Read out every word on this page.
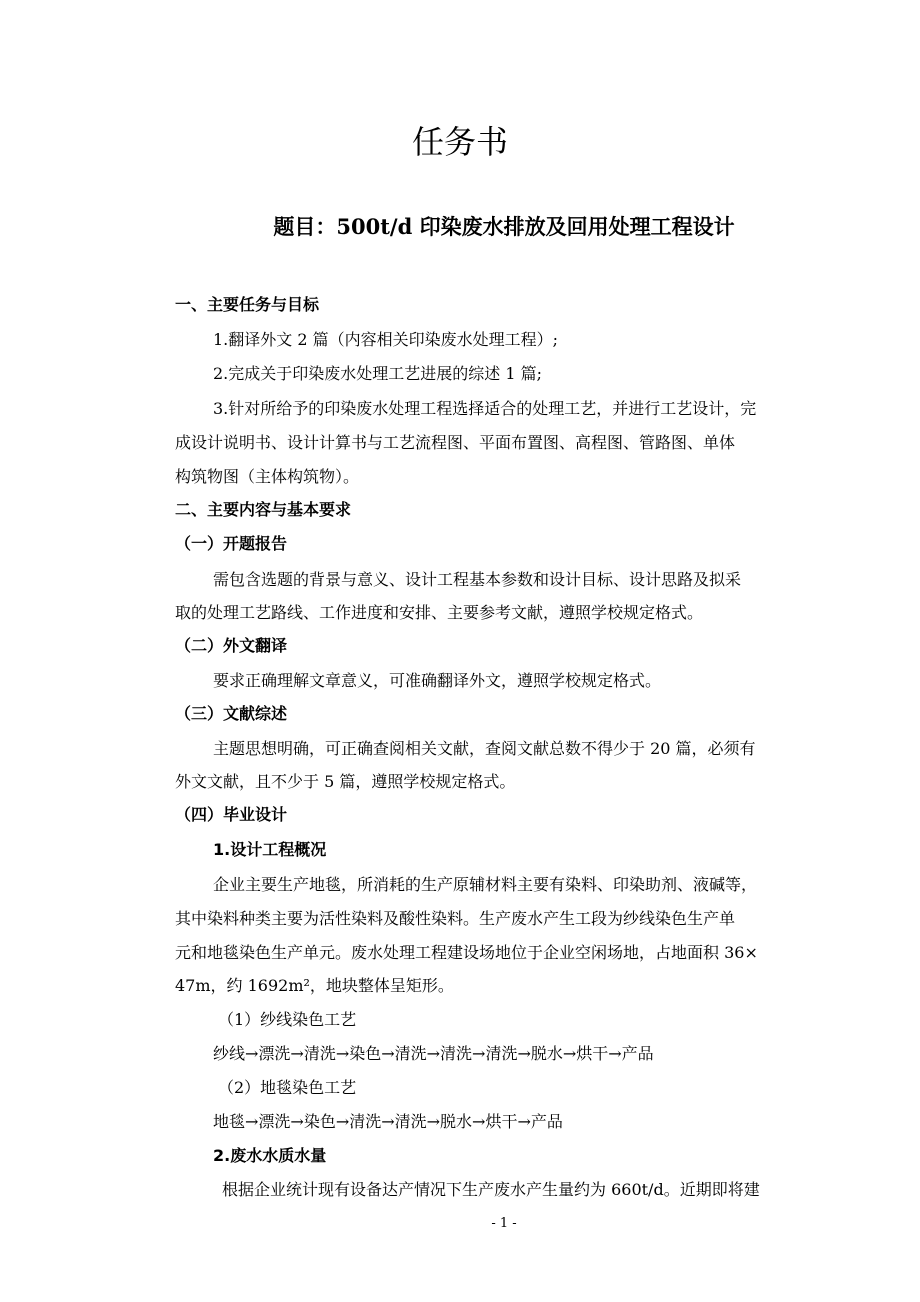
任务书
题目：500t/d 印染废水排放及回用处理工程设计
一、主要任务与目标
1.翻译外文 2 篇（内容相关印染废水处理工程）;
2.完成关于印染废水处理工艺进展的综述 1 篇;
3.针对所给予的印染废水处理工程选择适合的处理工艺，并进行工艺设计，完
成设计说明书、设计计算书与工艺流程图、平面布置图、高程图、管路图、单体
构筑物图（主体构筑物）。
二、主要内容与基本要求
（一）开题报告
需包含选题的背景与意义、设计工程基本参数和设计目标、设计思路及拟采
取的处理工艺路线、工作进度和安排、主要参考文献，遵照学校规定格式。
（二）外文翻译
要求正确理解文章意义，可准确翻译外文，遵照学校规定格式。
（三）文献综述
主题思想明确，可正确查阅相关文献，查阅文献总数不得少于 20 篇，必须有
外文文献，且不少于 5 篇，遵照学校规定格式。
（四）毕业设计
1.设计工程概况
企业主要生产地毯，所消耗的生产原辅材料主要有染料、印染助剂、液碱等，
其中染料种类主要为活性染料及酸性染料。生产废水产生工段为纱线染色生产单
元和地毯染色生产单元。废水处理工程建设场地位于企业空闲场地，占地面积 36×
47m，约 1692m²，地块整体呈矩形。
（1）纱线染色工艺
纱线→漂洗→清洗→染色→清洗→清洗→清洗→脱水→烘干→产品
（2）地毯染色工艺
地毯→漂洗→染色→清洗→清洗→脱水→烘干→产品
2.废水水质水量
根据企业统计现有设备达产情况下生产废水产生量约为 660t/d。近期即将建
- 1 -
